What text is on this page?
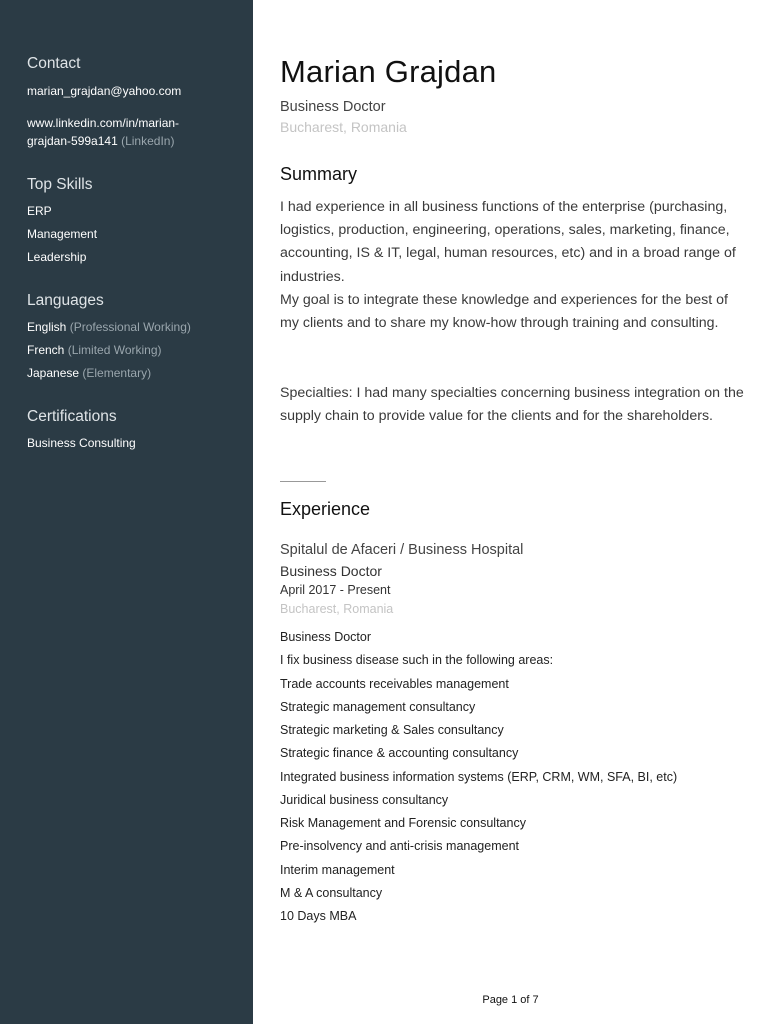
Contact
marian_grajdan@yahoo.com
www.linkedin.com/in/marian-
grajdan-599a141 (LinkedIn)
Top Skills
ERP
Management
Leadership
Languages
English (Professional Working)
French (Limited Working)
Japanese (Elementary)
Certifications
Business Consulting
Marian Grajdan
Business Doctor
Bucharest, Romania
Summary
I had experience in all business functions of the enterprise (purchasing, logistics, production, engineering, operations, sales, marketing, finance, accounting, IS & IT, legal, human resources, etc) and in a broad range of industries.
My goal is to integrate these knowledge and experiences for the best of my clients and to share my know-how through training and consulting.
Specialties: I had many specialties concerning business integration on the supply chain to provide value for the clients and for the shareholders.
Experience
Spitalul de Afaceri / Business Hospital
Business Doctor
April 2017 - Present
Bucharest, Romania
Business Doctor
I fix business disease such in the following areas:
Trade accounts receivables management
Strategic management consultancy
Strategic marketing & Sales consultancy
Strategic finance & accounting consultancy
Integrated business information systems (ERP, CRM, WM, SFA, BI, etc)
Juridical business consultancy
Risk Management and Forensic consultancy
Pre-insolvency and anti-crisis management
Interim management
M & A consultancy
10 Days MBA
Page 1 of 7
